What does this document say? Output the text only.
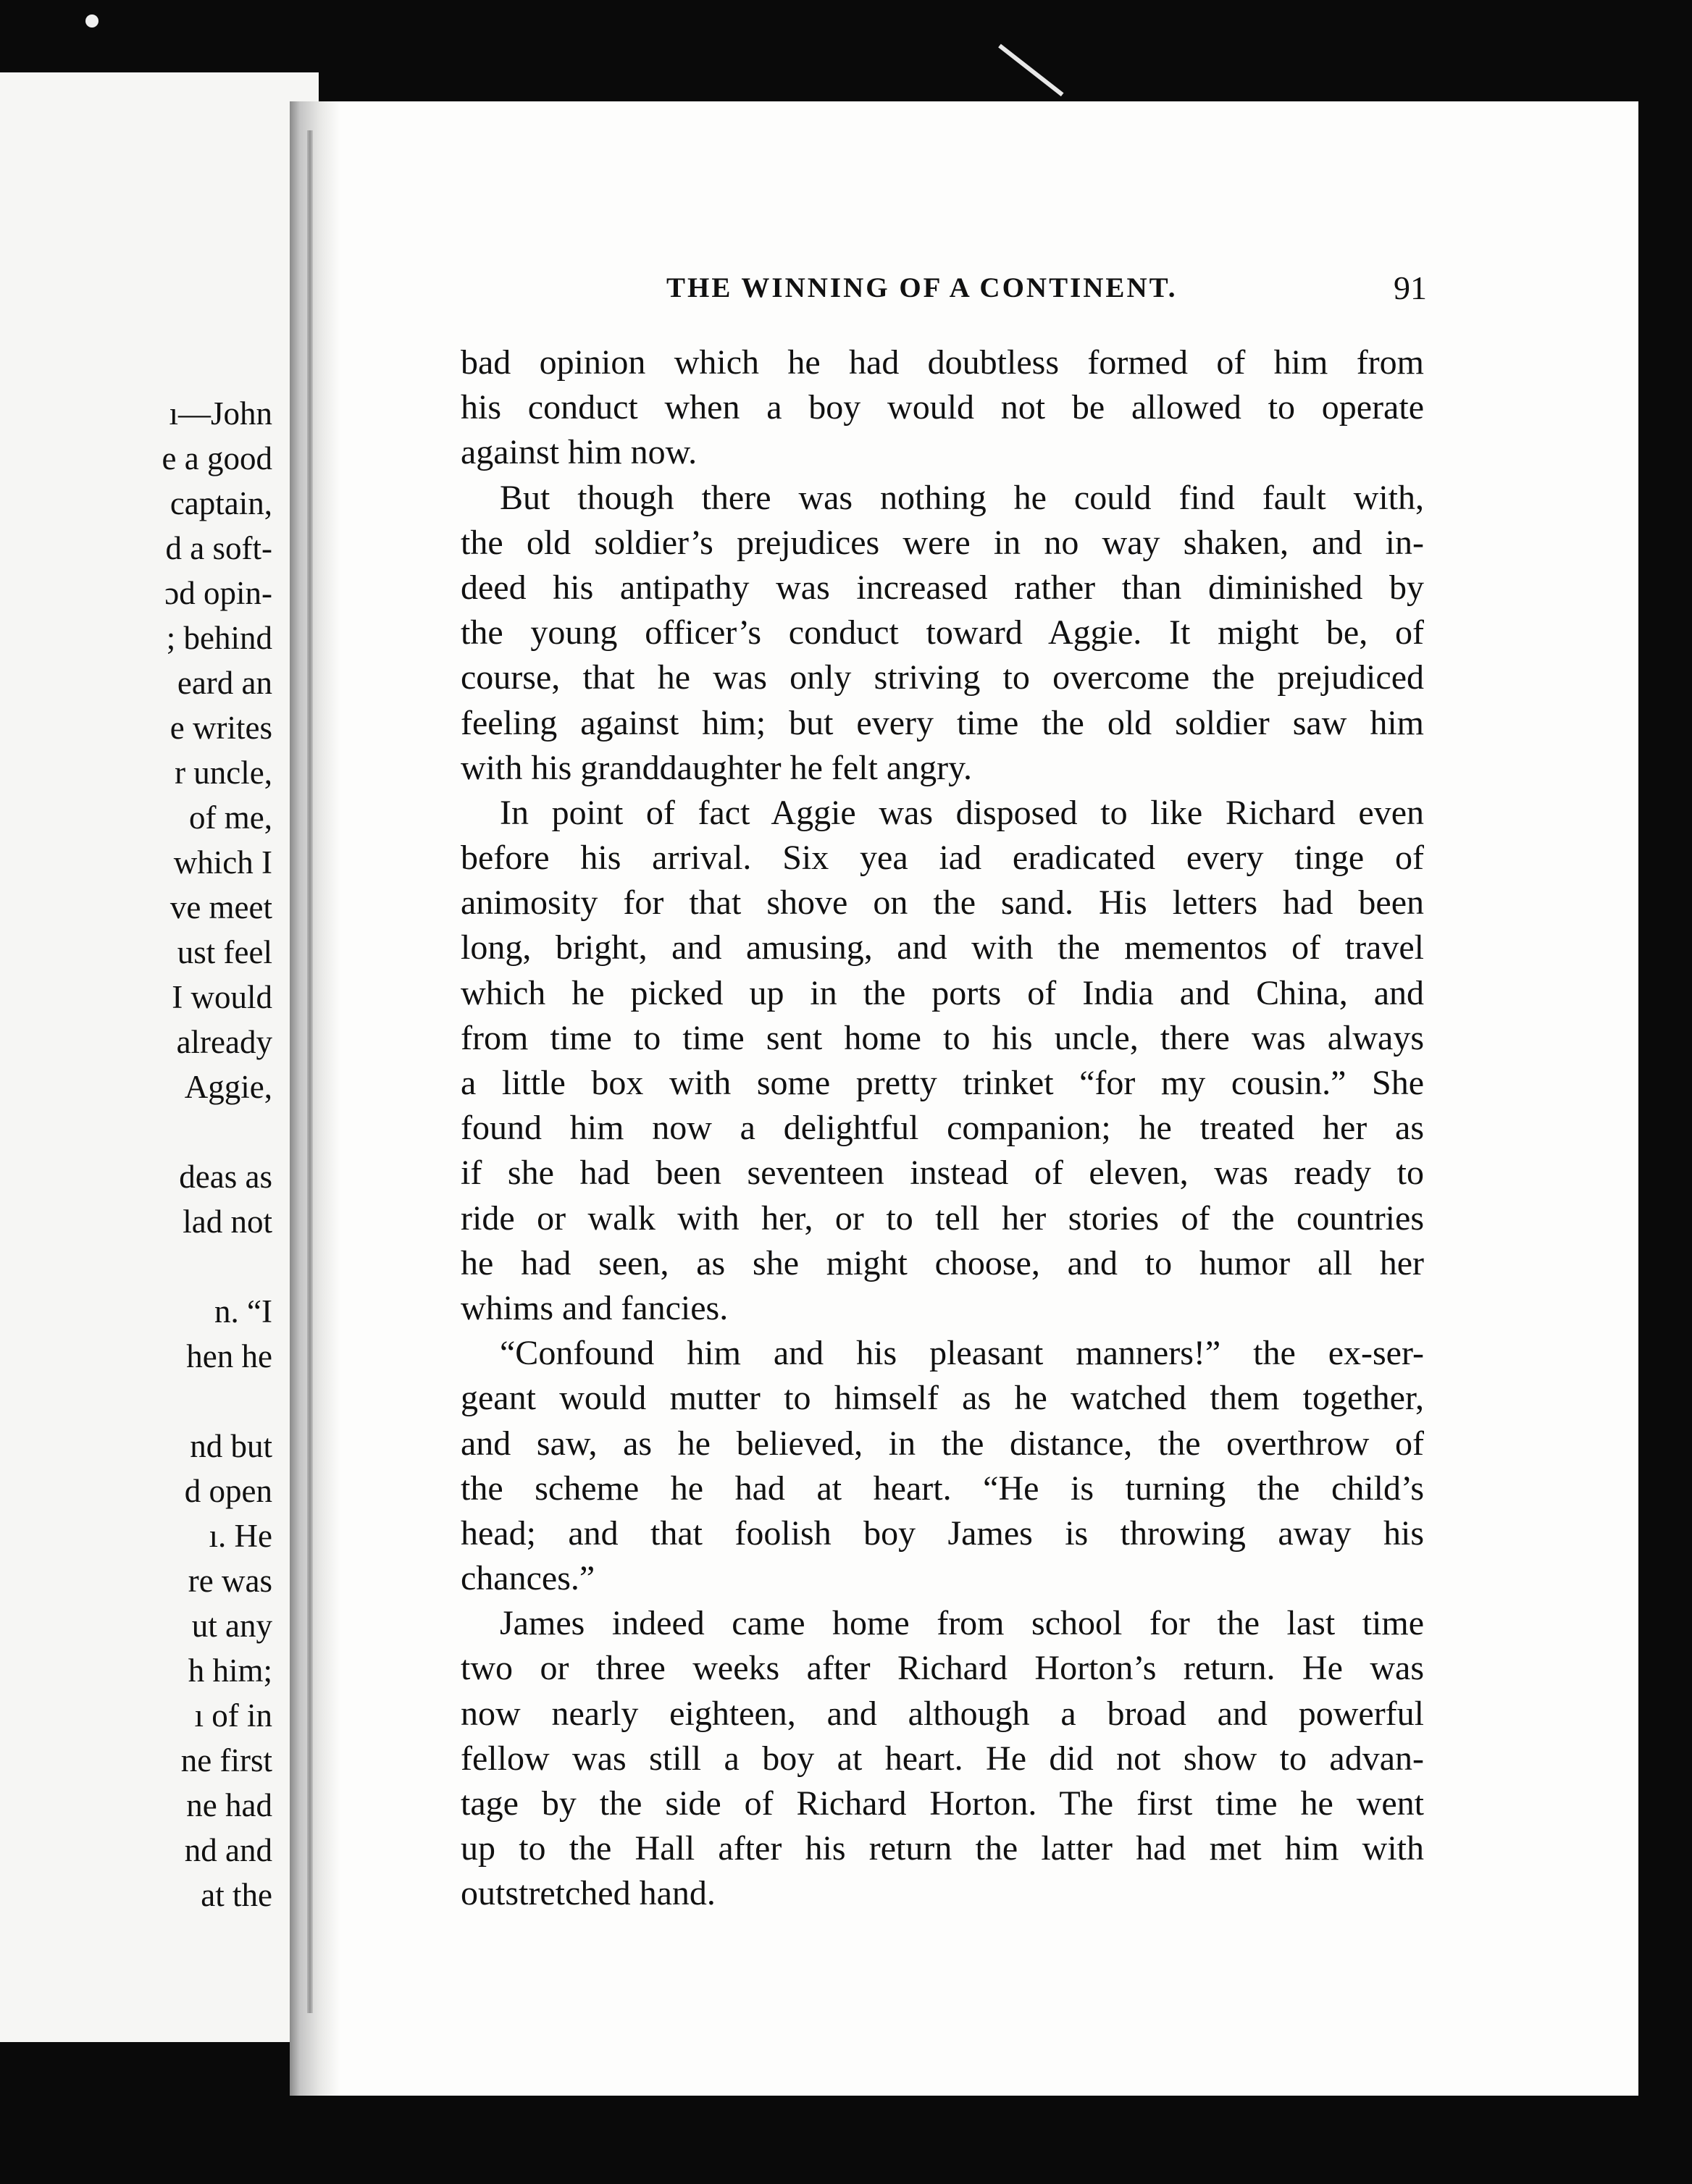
ı—John
e a good
captain,
d a soft-
ɔd opin-
; behind
eard an
e writes
r uncle,
of me,
which I
ve meet
ust feel
I would
already
Aggie,
deas as
lad not
n. “I
hen he
nd but
d open
ı. He
re was
ut any
h him;
ı of in
ne first
ne had
nd and
at the
THE WINNING OF A CONTINENT.	91
bad opinion which he had doubtless formed of him from
his conduct when a boy would not be allowed to operate
against him now.
But though there was nothing he could find fault with,
the old soldier’s prejudices were in no way shaken, and in-
deed his antipathy was increased rather than diminished by
the young officer’s conduct toward Aggie. It might be, of
course, that he was only striving to overcome the prejudiced
feeling against him; but every time the old soldier saw him
with his granddaughter he felt angry.
In point of fact Aggie was disposed to like Richard even
before his arrival. Six yea iad eradicated every tinge of
animosity for that shove on the sand. His letters had been
long, bright, and amusing, and with the mementos of travel
which he picked up in the ports of India and China, and
from time to time sent home to his uncle, there was always
a little box with some pretty trinket “for my cousin.” She
found him now a delightful companion; he treated her as
if she had been seventeen instead of eleven, was ready to
ride or walk with her, or to tell her stories of the countries
he had seen, as she might choose, and to humor all her
whims and fancies.
“Confound him and his pleasant manners!” the ex-ser-
geant would mutter to himself as he watched them together,
and saw, as he believed, in the distance, the overthrow of
the scheme he had at heart. “He is turning the child’s
head; and that foolish boy James is throwing away his
chances.”
James indeed came home from school for the last time
two or three weeks after Richard Horton’s return. He was
now nearly eighteen, and although a broad and powerful
fellow was still a boy at heart. He did not show to advan-
tage by the side of Richard Horton. The first time he went
up to the Hall after his return the latter had met him with
outstretched hand.
